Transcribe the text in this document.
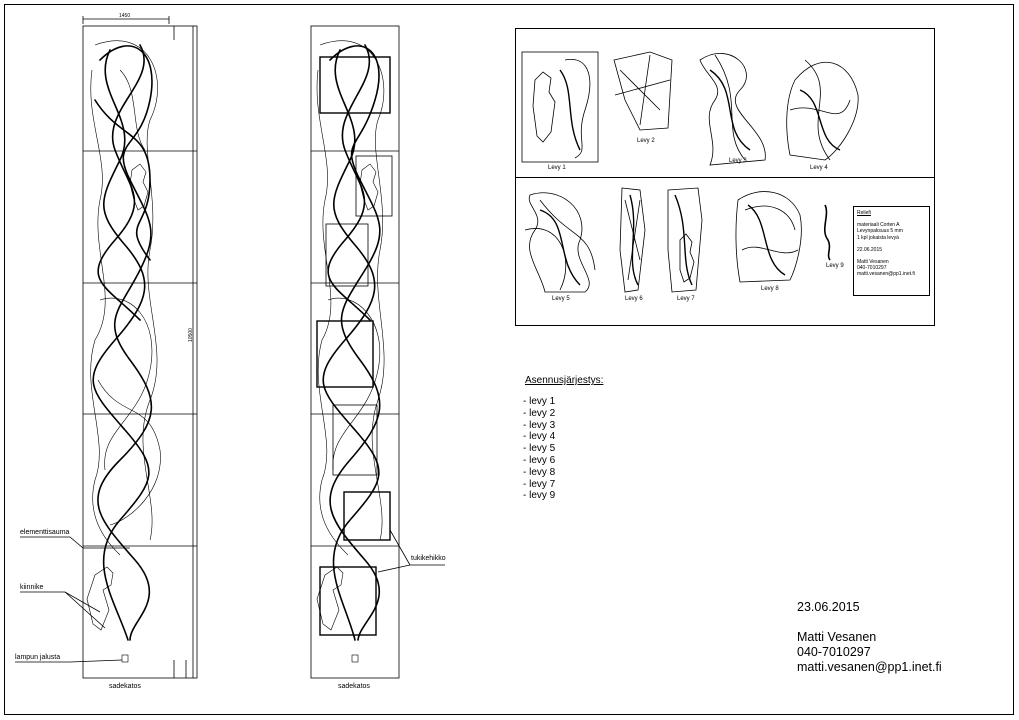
1450
10500
elementtisauma
kiinnike
lampun jalusta
tukikehikko
sadekatos	sadekatos
Levy 1
Levy 2
Levy 3
Levy 4
Levy 5	Levy 6	Levy 7
Levy 8
Levy 9
Reliefi
materiaali Corten A
Levynpaksuus 5 mm
1 kpl jokaista levyä
22.06.2015
Matti Vesanen
040-7010297
matti.vesanen@pp1.inet.fi
Asennusjärjestys:
- levy 1
- levy 2
- levy 3
- levy 4
- levy 5
- levy 6
- levy 8
- levy 7
- levy 9
23.06.2015
Matti Vesanen
040-7010297
matti.vesanen@pp1.inet.fi
